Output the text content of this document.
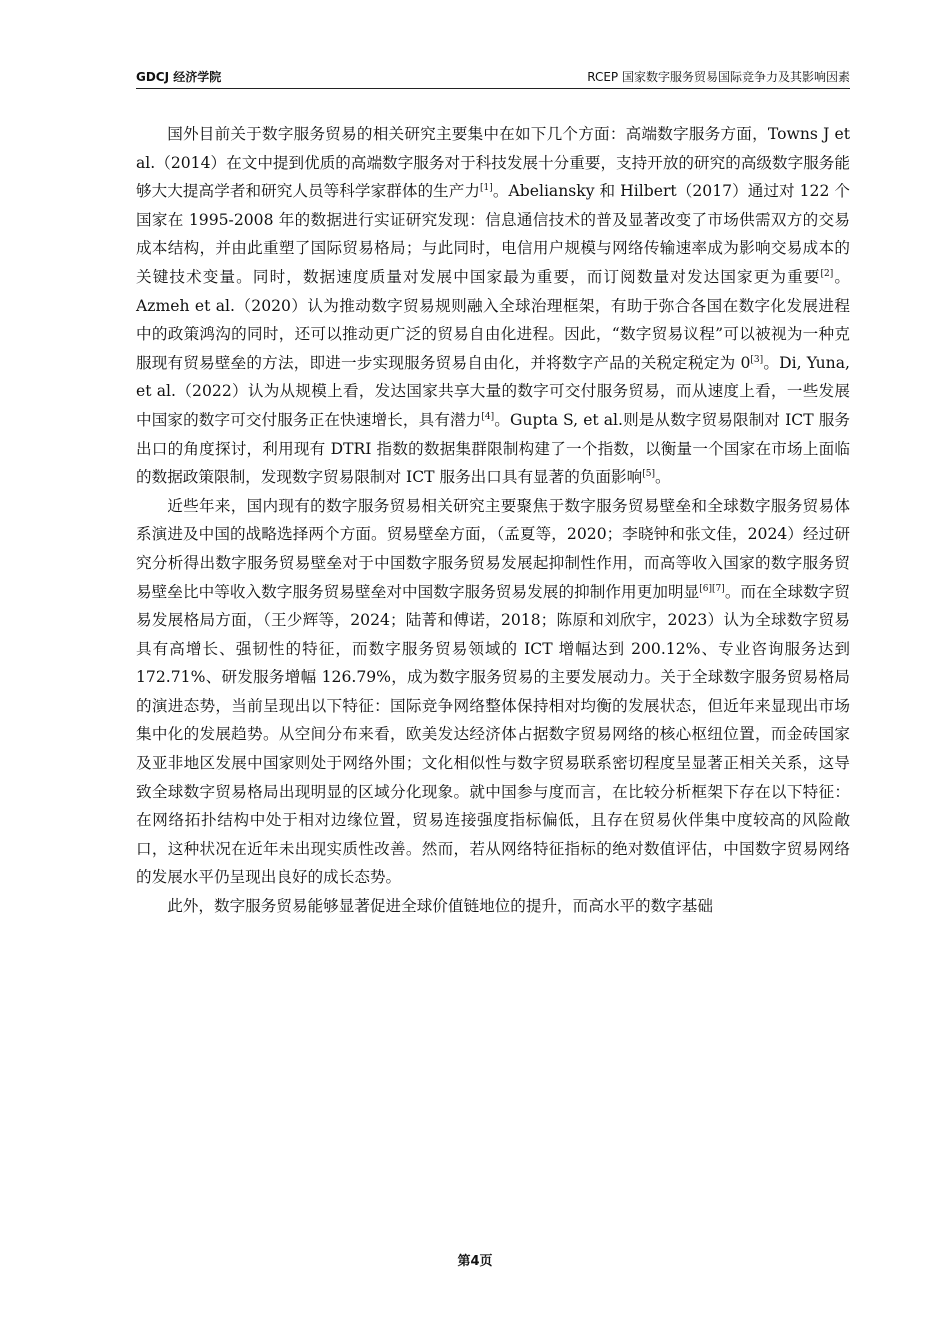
GDCJ 经济学院	RCEP 国家数字服务贸易国际竞争力及其影响因素

国外目前关于数字服务贸易的相关研究主要集中在如下几个方面：高端数字服务方面，Towns J et al.（2014）在文中提到优质的高端数字服务对于科技发展十分重要，支持开放的研究的高级数字服务能够大大提高学者和研究人员等科学家群体的生产力[1]。Abeliansky 和 Hilbert（2017）通过对 122 个国家在 1995-2008 年的数据进行实证研究发现：信息通信技术的普及显著改变了市场供需双方的交易成本结构，并由此重塑了国际贸易格局；与此同时，电信用户规模与网络传输速率成为影响交易成本的关键技术变量。同时，数据速度质量对发展中国家最为重要，而订阅数量对发达国家更为重要[2]。Azmeh et al.（2020）认为推动数字贸易规则融入全球治理框架，有助于弥合各国在数字化发展进程中的政策鸿沟的同时，还可以推动更广泛的贸易自由化进程。因此，“数字贸易议程”可以被视为一种克服现有贸易壁垒的方法，即进一步实现服务贸易自由化，并将数字产品的关税定税定为 0[3]。Di, Yuna, et al.（2022）认为从规模上看，发达国家共享大量的数字可交付服务贸易，而从速度上看，一些发展中国家的数字可交付服务正在快速增长，具有潜力[4]。Gupta S, et al.则是从数字贸易限制对 ICT 服务出口的角度探讨，利用现有 DTRI 指数的数据集群限制构建了一个指数，以衡量一个国家在市场上面临的数据政策限制，发现数字贸易限制对 ICT 服务出口具有显著的负面影响[5]。

近些年来，国内现有的数字服务贸易相关研究主要聚焦于数字服务贸易壁垒和全球数字服务贸易体系演进及中国的战略选择两个方面。贸易壁垒方面，（孟夏等，2020；李晓钟和张文佳，2024）经过研究分析得出数字服务贸易壁垒对于中国数字服务贸易发展起抑制性作用，而高等收入国家的数字服务贸易壁垒比中等收入数字服务贸易壁垒对中国数字服务贸易发展的抑制作用更加明显[6][7]。而在全球数字贸易发展格局方面，（王少辉等，2024；陆菁和傅诺，2018；陈原和刘欣宇，2023）认为全球数字贸易具有高增长、强韧性的特征，而数字服务贸易领域的 ICT 增幅达到 200.12%、专业咨询服务达到 172.71%、研发服务增幅 126.79%，成为数字服务贸易的主要发展动力。关于全球数字服务贸易格局的演进态势，当前呈现出以下特征：国际竞争网络整体保持相对均衡的发展状态，但近年来显现出市场集中化的发展趋势。从空间分布来看，欧美发达经济体占据数字贸易网络的核心枢纽位置，而金砖国家及亚非地区发展中国家则处于网络外围；文化相似性与数字贸易联系密切程度呈显著正相关关系，这导致全球数字贸易格局出现明显的区域分化现象。就中国参与度而言，在比较分析框架下存在以下特征：在网络拓扑结构中处于相对边缘位置，贸易连接强度指标偏低，且存在贸易伙伴集中度较高的风险敞口，这种状况在近年未出现实质性改善。然而，若从网络特征指标的绝对数值评估，中国数字贸易网络的发展水平仍呈现出良好的成长态势。

此外，数字服务贸易能够显著促进全球价值链地位的提升，而高水平的数字基础

第4页
